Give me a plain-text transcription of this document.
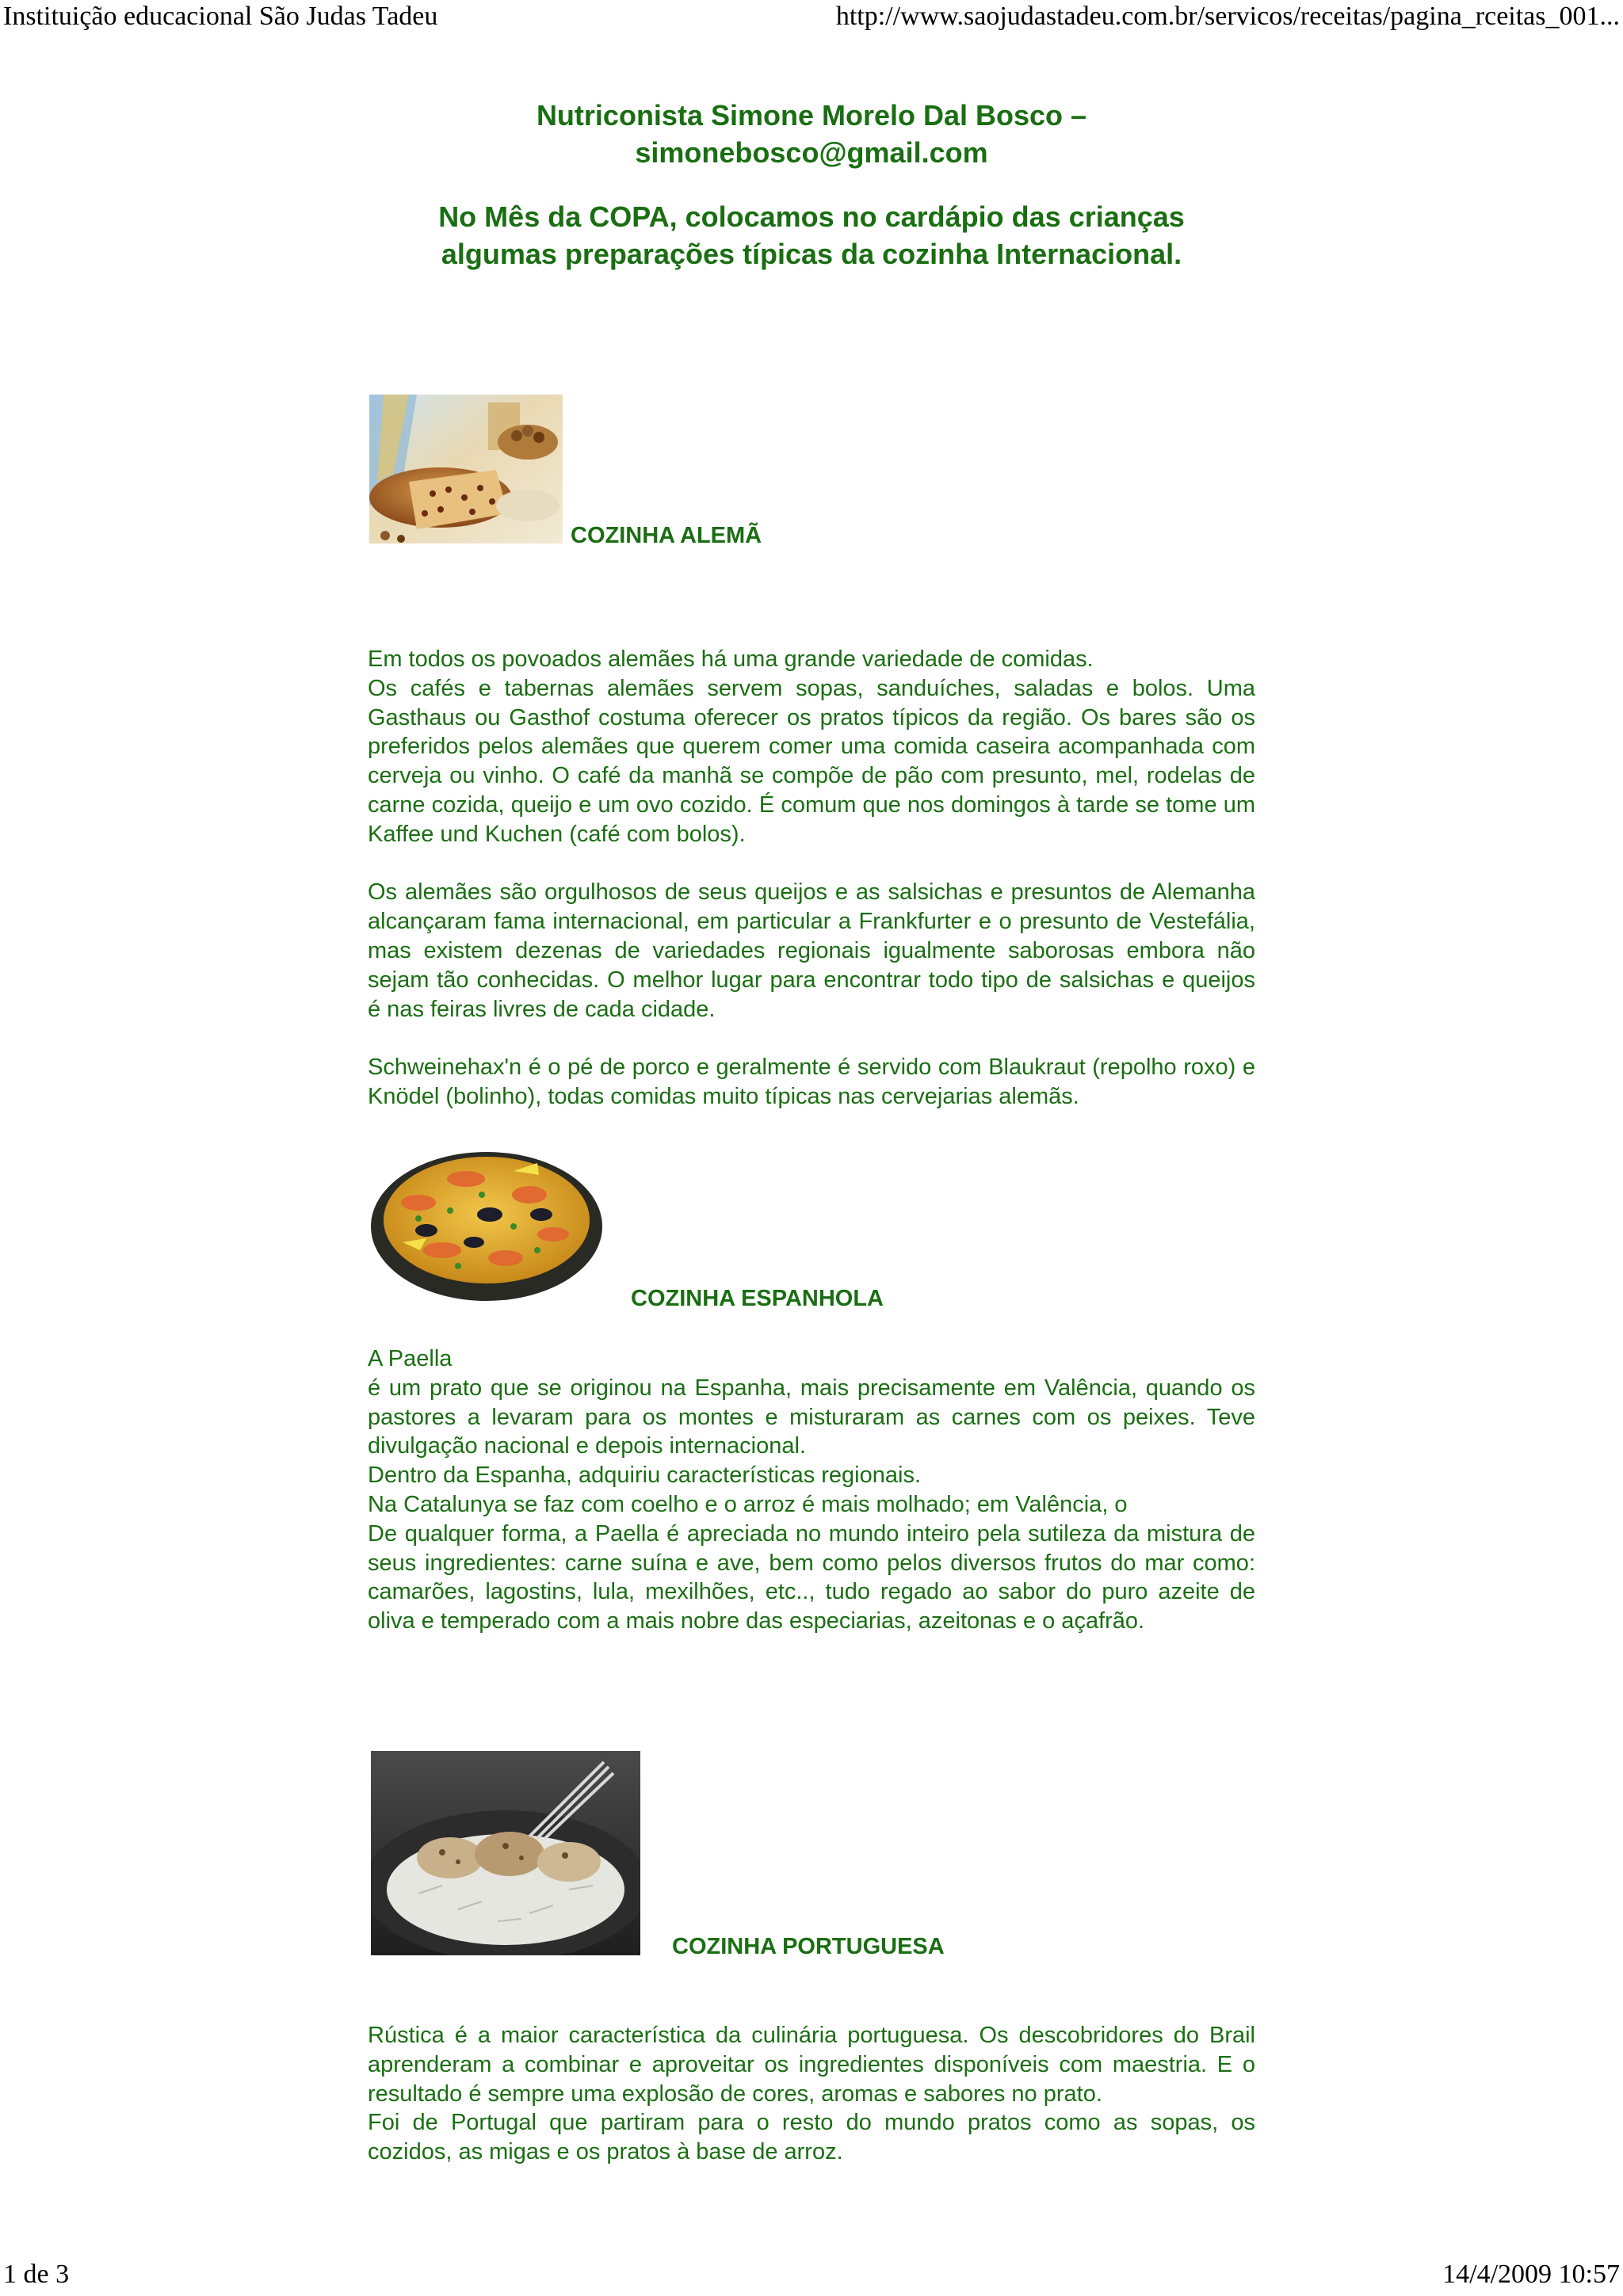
Instituição educacional São Judas Tadeu	http://www.saojudastadeu.com.br/servicos/receitas/pagina_rceitas_001...
Nutriconista Simone Morelo Dal Bosco –
simonebosco@gmail.com
No Mês da COPA, colocamos no cardápio das crianças
algumas preparações típicas da cozinha Internacional.
COZINHA ALEMÃ

Em todos os povoados alemães há uma grande variedade de comidas.

Os cafés e tabernas alemães servem sopas, sanduíches, saladas e bolos. Uma Gasthaus ou Gasthof costuma oferecer os pratos típicos da região. Os bares são os preferidos pelos alemães que querem comer uma comida caseira acompanhada com cerveja ou vinho. O café da manhã se compõe de pão com presunto, mel, rodelas de carne cozida, queijo e um ovo cozido. É comum que nos domingos à tarde se tome um Kaffee und Kuchen (café com bolos).

Os alemães são orgulhosos de seus queijos e as salsichas e presuntos de Alemanha alcançaram fama internacional, em particular a Frankfurter e o presunto de Vestefália, mas existem dezenas de variedades regionais igualmente saborosas embora não sejam tão conhecidas. O melhor lugar para encontrar todo tipo de salsichas e queijos é nas feiras livres de cada cidade.

Schweinehax'n é o pé de porco e geralmente é servido com Blaukraut (repolho roxo) e Knödel (bolinho), todas comidas muito típicas nas cervejarias alemãs.

COZINHA ESPANHOLA

A Paella

é um prato que se originou na Espanha, mais precisamente em Valência, quando os pastores a levaram para os montes e misturaram as carnes com os peixes. Teve divulgação nacional e depois internacional.

Dentro da Espanha, adquiriu características regionais.

Na Catalunya se faz com coelho e o arroz é mais molhado; em Valência, o

De qualquer forma, a Paella é apreciada no mundo inteiro pela sutileza da mistura de seus ingredientes: carne suína e ave, bem como pelos diversos frutos do mar como: camarões, lagostins, lula, mexilhões, etc.., tudo regado ao sabor do puro azeite de oliva e temperado com a mais nobre das especiarias, azeitonas e o açafrão.

COZINHA PORTUGUESA

Rústica é a maior característica da culinária portuguesa. Os descobridores do Brail aprenderam a combinar e aproveitar os ingredientes disponíveis com maestria. E o resultado é sempre uma explosão de cores, aromas e sabores no prato.

Foi de Portugal que partiram para o resto do mundo pratos como as sopas, os cozidos, as migas e os pratos à base de arroz.

1 de 3	14/4/2009 10:57
